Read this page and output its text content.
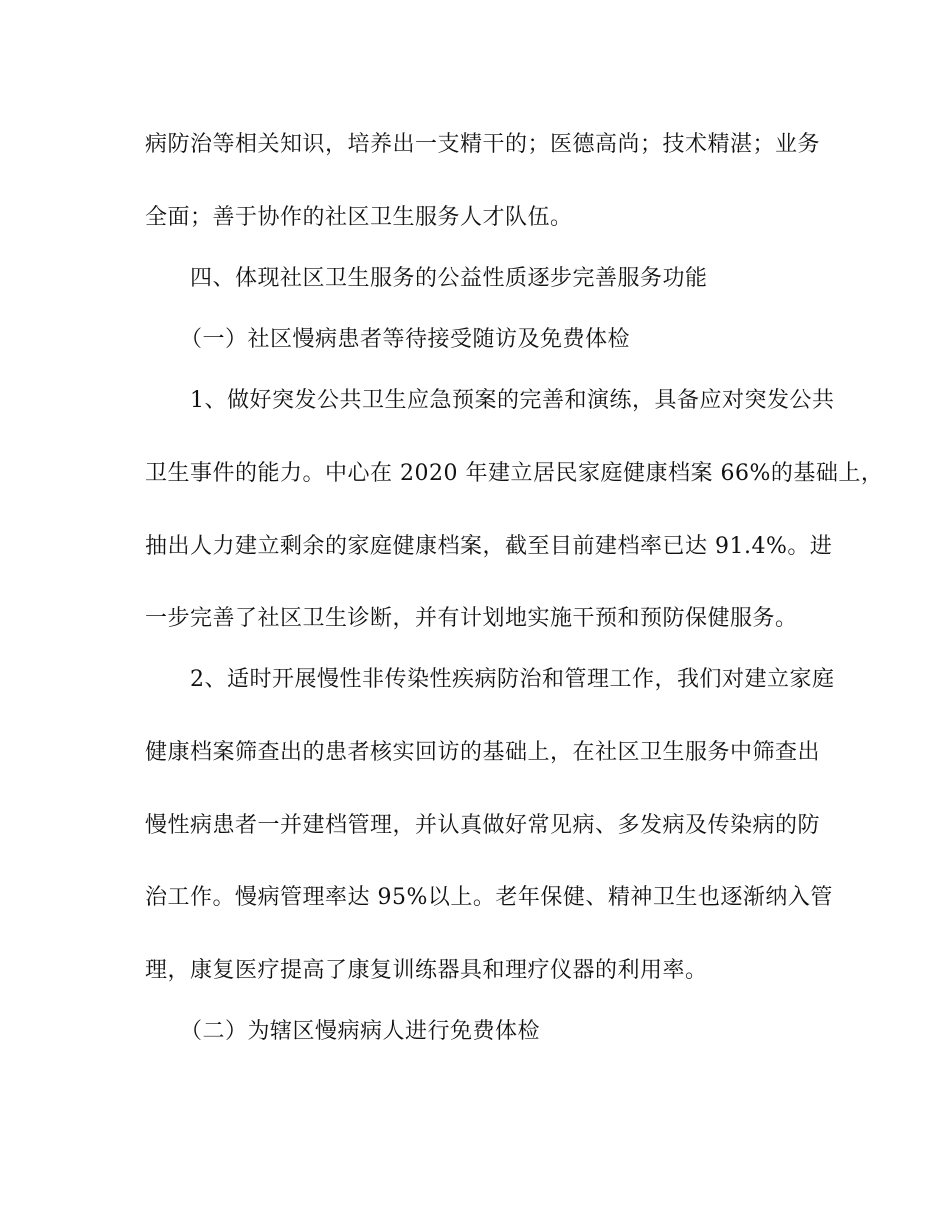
病防治等相关知识，培养出一支精干的；医德高尚；技术精湛；业务
全面；善于协作的社区卫生服务人才队伍。
四、体现社区卫生服务的公益性质逐步完善服务功能
（一）社区慢病患者等待接受随访及免费体检
1、做好突发公共卫生应急预案的完善和演练，具备应对突发公共
卫生事件的能力。中心在 2020 年建立居民家庭健康档案 66%的基础上，
抽出人力建立剩余的家庭健康档案，截至目前建档率已达 91.4%。进
一步完善了社区卫生诊断，并有计划地实施干预和预防保健服务。
2、适时开展慢性非传染性疾病防治和管理工作，我们对建立家庭
健康档案筛查出的患者核实回访的基础上，在社区卫生服务中筛查出
慢性病患者一并建档管理，并认真做好常见病、多发病及传染病的防
治工作。慢病管理率达 95%以上。老年保健、精神卫生也逐渐纳入管
理，康复医疗提高了康复训练器具和理疗仪器的利用率。
（二）为辖区慢病病人进行免费体检
